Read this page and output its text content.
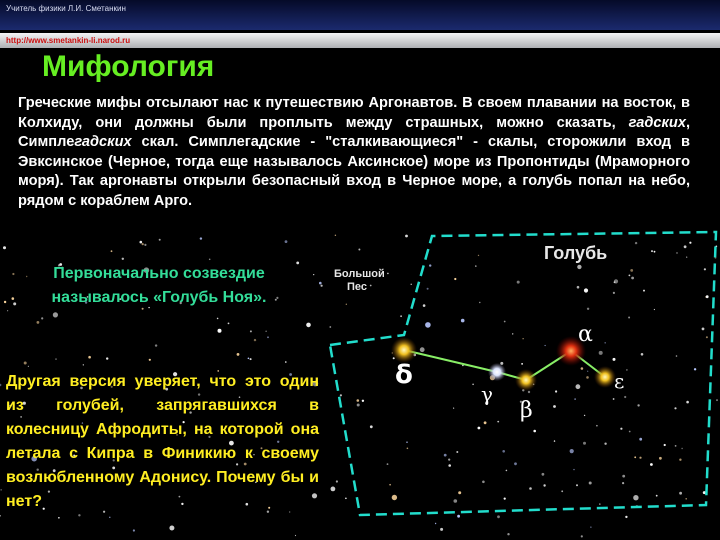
Учитель физики Л.И. Сметанкин
http://www.smetankin-li.narod.ru
Мифология

Греческие мифы отсылают нас к путешествию Аргонавтов. В своем плавании на восток, в Колхиду, они должны были проплыть между страшных, можно сказать, гадских, Симплегадских скал. Симплегадские - "сталкивающиеся" - скалы, сторожили вход в Эвксинское (Черное, тогда еще называлось Аксинское) море из Пропонтиды (Мраморного моря). Так аргонавты открыли безопасный вход в Черное море, а голубь попал на небо, рядом с кораблем Арго.

Голубь
Большой Пес
δ
α
γ
β
ε

Первоначально созвездие называлось «Голубь Ноя».

Другая версия уверяет, что это один из голубей, запрягавшихся в колесницу Афродиты, на которой она летала с Кипра в Финикию к своему возлюбленному Адонису. Почему бы и нет?
